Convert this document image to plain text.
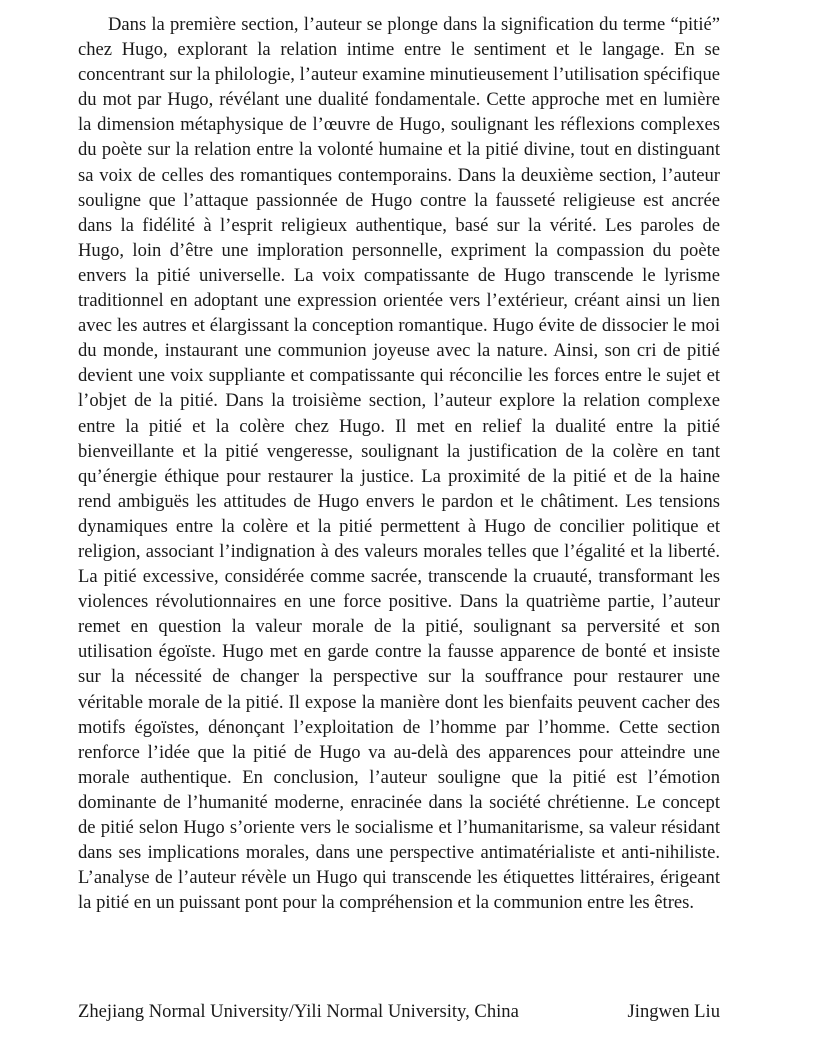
Dans la première section, l’auteur se plonge dans la signification du terme “pitié” chez Hugo, explorant la relation intime entre le sentiment et le langage. En se concentrant sur la philologie, l’auteur examine minutieusement l’utilisation spécifique du mot par Hugo, révélant une dualité fondamentale. Cette approche met en lumière la dimension métaphysique de l’œuvre de Hugo, soulignant les réflexions complexes du poète sur la relation entre la volonté humaine et la pitié divine, tout en distinguant sa voix de celles des romantiques contemporains. Dans la deuxième section, l’auteur souligne que l’attaque passionnée de Hugo contre la fausseté religieuse est ancrée dans la fidélité à l’esprit religieux authentique, basé sur la vérité. Les paroles de Hugo, loin d’être une imploration personnelle, expriment la compassion du poète envers la pitié universelle. La voix compatissante de Hugo transcende le lyrisme traditionnel en adoptant une expression orientée vers l’extérieur, créant ainsi un lien avec les autres et élargissant la conception romantique. Hugo évite de dissocier le moi du monde, instaurant une communion joyeuse avec la nature. Ainsi, son cri de pitié devient une voix suppliante et compatissante qui réconcilie les forces entre le sujet et l’objet de la pitié. Dans la troisième section, l’auteur explore la relation complexe entre la pitié et la colère chez Hugo. Il met en relief la dualité entre la pitié bienveillante et la pitié vengeresse, soulignant la justification de la colère en tant qu’énergie éthique pour restaurer la justice. La proximité de la pitié et de la haine rend ambiguës les attitudes de Hugo envers le pardon et le châtiment. Les tensions dynamiques entre la colère et la pitié permettent à Hugo de concilier politique et religion, associant l’indignation à des valeurs morales telles que l’égalité et la liberté. La pitié excessive, considérée comme sacrée, transcende la cruauté, transformant les violences révolutionnaires en une force positive. Dans la quatrième partie, l’auteur remet en question la valeur morale de la pitié, soulignant sa perversité et son utilisation égoïste. Hugo met en garde contre la fausse apparence de bonté et insiste sur la nécessité de changer la perspective sur la souffrance pour restaurer une véritable morale de la pitié. Il expose la manière dont les bienfaits peuvent cacher des motifs égoïstes, dénonçant l’exploitation de l’homme par l’homme. Cette section renforce l’idée que la pitié de Hugo va au-delà des apparences pour atteindre une morale authentique. En conclusion, l’auteur souligne que la pitié est l’émotion dominante de l’humanité moderne, enracinée dans la société chrétienne. Le concept de pitié selon Hugo s’oriente vers le socialisme et l’humanitarisme, sa valeur résidant dans ses implications morales, dans une perspective antimatérialiste et anti-nihiliste. L’analyse de l’auteur révèle un Hugo qui transcende les étiquettes littéraires, érigeant la pitié en un puissant pont pour la compréhension et la communion entre les êtres.

Zhejiang Normal University/Yili Normal University, China	Jingwen Liu
